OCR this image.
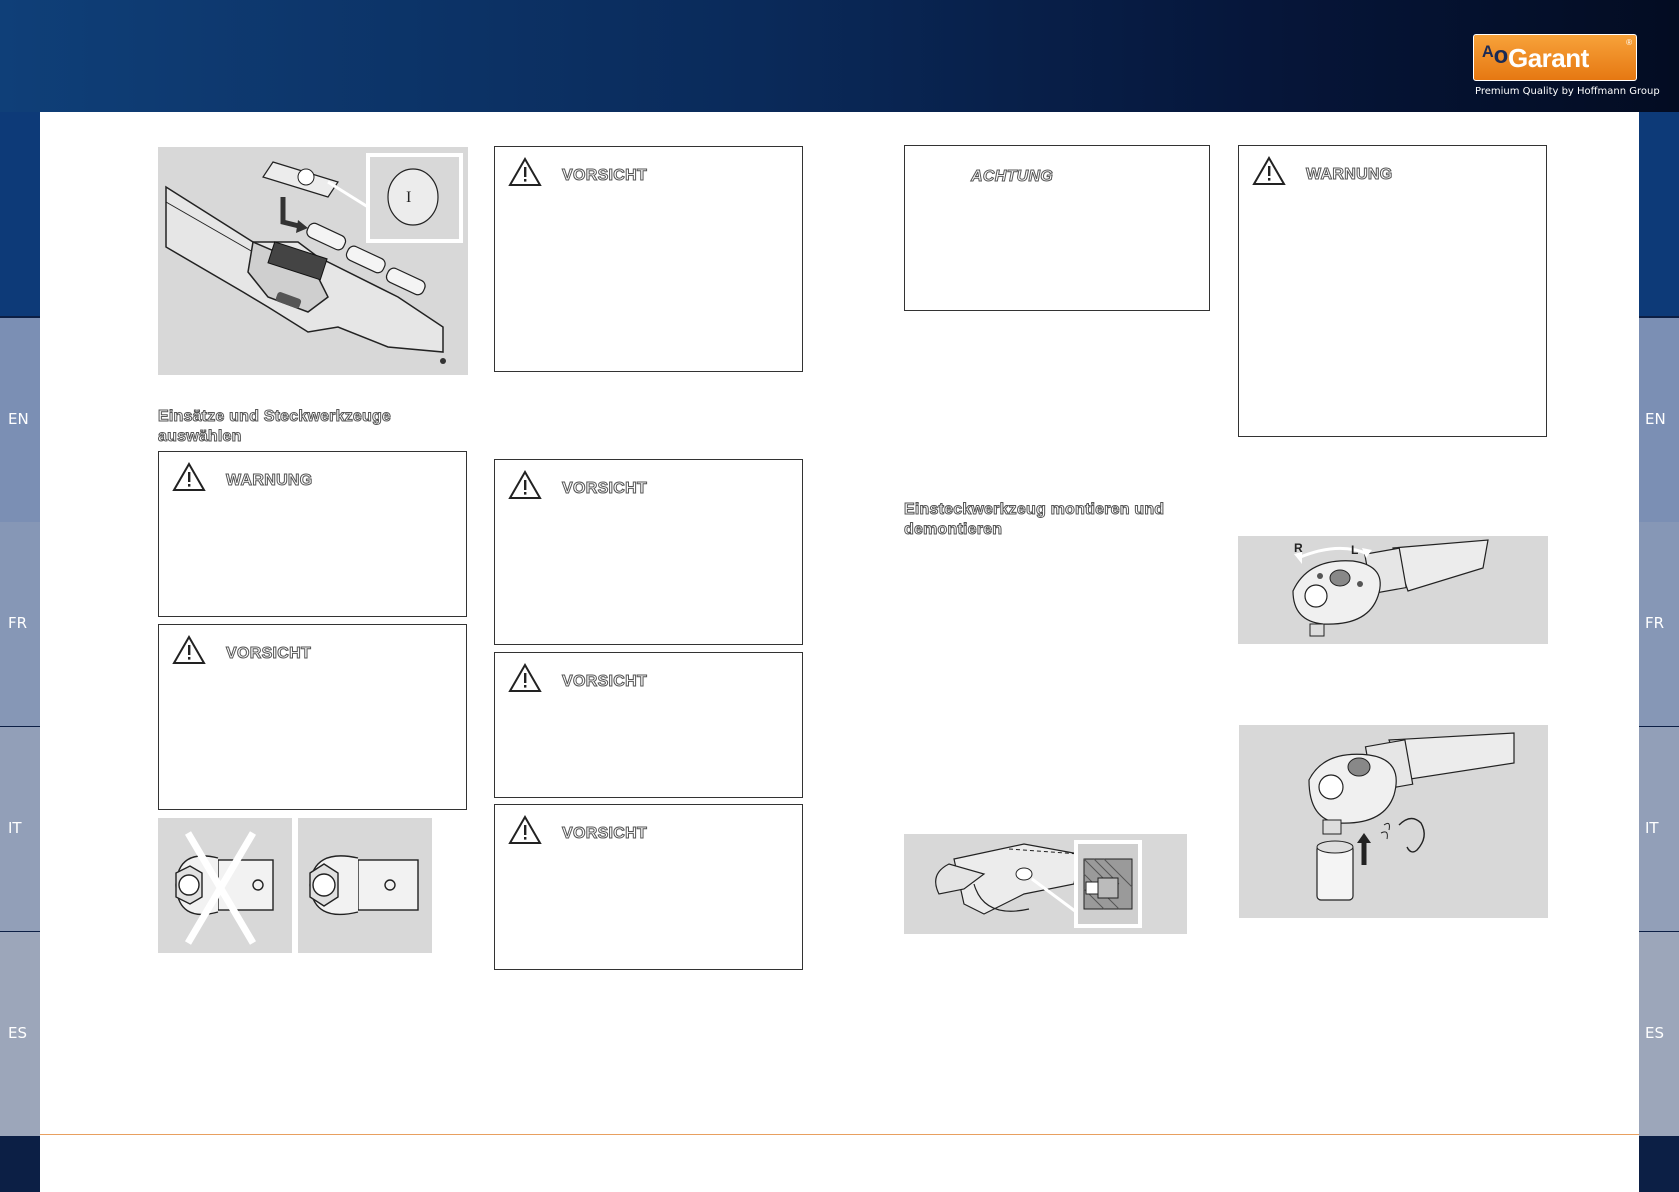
ᴬo Garant
®
Premium Quality by Hoffmann Group
EN
FR
IT
ES
EN
FR
IT
ES
I
Einsätze und Steckwerkzeuge auswählen
WARNUNG
VORSICHT
VORSICHT
VORSICHT
VORSICHT
VORSICHT
ACHTUNG
Einsteckwerkzeug montieren und demontieren
WARNUNG
R	L
